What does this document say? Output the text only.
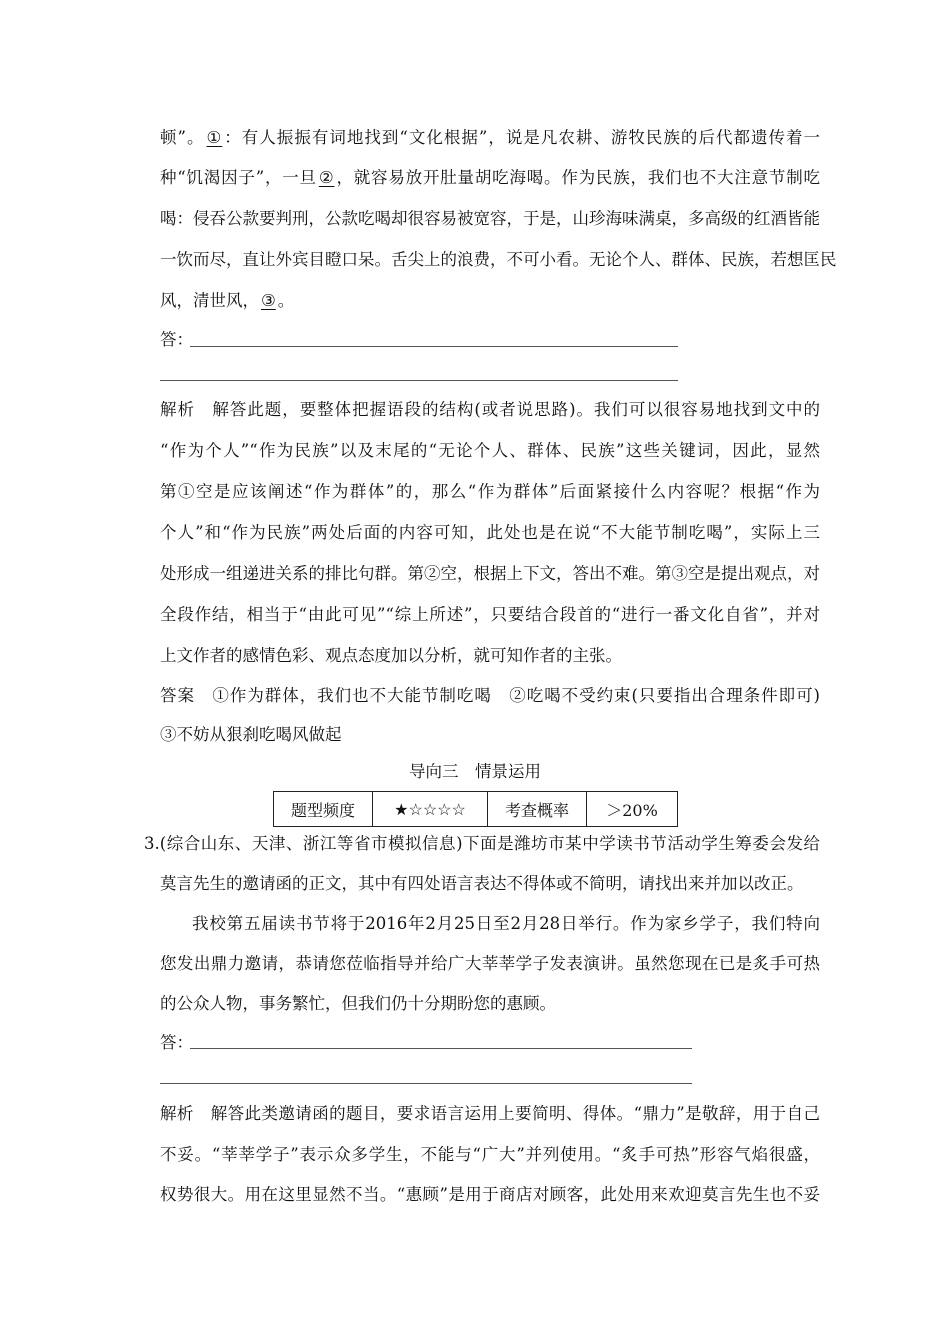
顿”。 ① ：有人振振有词地找到“文化根据”，说是凡农耕、游牧民族的后代都遗传着一
种“饥渴因子”，一旦 ② ，就容易放开肚量胡吃海喝。作为民族，我们也不大注意节制吃
喝：侵吞公款要判刑，公款吃喝却很容易被宽容，于是，山珍海味满桌，多高级的红酒皆能
一饮而尽，直让外宾目瞪口呆。舌尖上的浪费，不可小看。无论个人、群体、民族，若想匡民
风，清世风， ③ 。
答：
解析　解答此题，要整体把握语段的结构(或者说思路)。我们可以很容易地找到文中的
“作为个人”“作为民族”以及末尾的“无论个人、群体、民族”这些关键词，因此，显然
第①空是应该阐述“作为群体”的，那么“作为群体”后面紧接什么内容呢？根据“作为
个人”和“作为民族”两处后面的内容可知，此处也是在说“不大能节制吃喝”，实际上三
处形成一组递进关系的排比句群。第②空，根据上下文，答出不难。第③空是提出观点，对
全段作结，相当于“由此可见”“综上所述”，只要结合段首的“进行一番文化自省”，并对
上文作者的感情色彩、观点态度加以分析，就可知作者的主张。
答案　①作为群体，我们也不大能节制吃喝　②吃喝不受约束(只要指出合理条件即可)
③不妨从狠刹吃喝风做起
导向三　情景运用
题型频度	★☆☆☆☆	考查概率	＞20%
3.(综合山东、天津、浙江等省市模拟信息)下面是潍坊市某中学读书节活动学生筹委会发给
莫言先生的邀请函的正文，其中有四处语言表达不得体或不简明，请找出来并加以改正。
我校第五届读书节将于2016年2月25日至2月28日举行。作为家乡学子，我们特向
您发出鼎力邀请，恭请您莅临指导并给广大莘莘学子发表演讲。虽然您现在已是炙手可热
的公众人物，事务繁忙，但我们仍十分期盼您的惠顾。
答：
解析　解答此类邀请函的题目，要求语言运用上要简明、得体。“鼎力”是敬辞，用于自己
不妥。“莘莘学子”表示众多学生，不能与“广大”并列使用。“炙手可热”形容气焰很盛，
权势很大。用在这里显然不当。“惠顾”是用于商店对顾客，此处用来欢迎莫言先生也不妥
